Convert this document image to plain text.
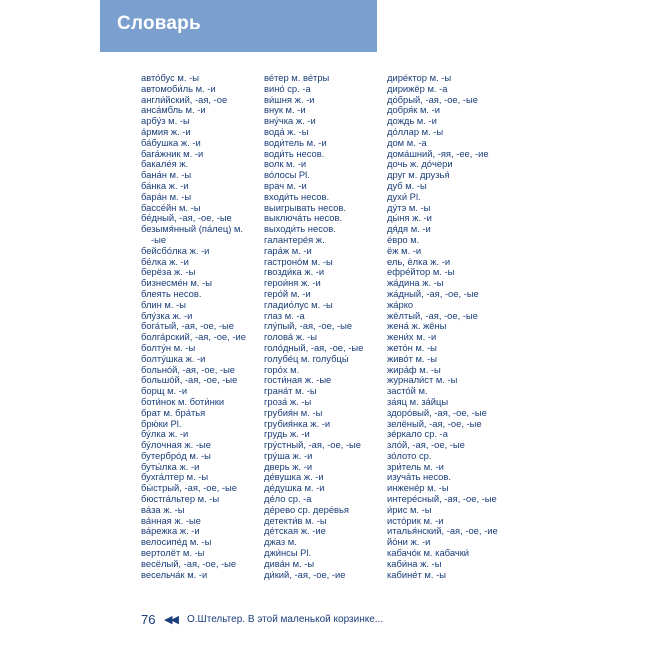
Словарь
авто́бус м. -ы
автомоби́ль м. -и
англи́йский, -ая, -ое
анса́мбль м. -и
арбу́з м. -ы
а́рмия ж. -и
ба́бушка ж. -и
бага́жник м. -и
бакале́я ж.
бана́н м. -ы
ба́нка ж. -и
бара́н м. -ы
бассе́йн м. -ы
бе́дный, -ая, -ое, -ые
безымя́нный (па́лец) м.
-ые
бейсбо́лка ж. -и
бе́лка ж. -и
берёза ж. -ы
бизнесме́н м. -ы
блеять несов.
блин м. -ы
блу́зка ж. -и
бога́тый, -ая, -ое, -ые
болга́рский, -ая, -ое, -ие
болту́н м. -ы
болту́шка ж. -и
больно́й, -ая, -ое, -ые
большо́й, -ая, -ое, -ые
борщ м. -и
боти́нок м. боти́нки
брат м. бра́тья
брю́ки Pl.
бу́лка ж. -и
бу́лочная ж. -ые
бутербро́д м. -ы
буты́лка ж. -и
бухга́лтер м. -ы
бы́стрый, -ая, -ое, -ые
бюстга́льтер м. -ы
ва́за ж. -ы
ва́нная ж. -ые
ва́режка ж. -и
велосипе́д м. -ы
вертолёт м. -ы
весёлый, -ая, -ое, -ые
весельча́к м. -и
ве́тер м. ве́тры
вино́ ср. -а
ви́шня ж. -и
внук м. -и
вну́чка ж. -и
вода́ ж. -ы
води́тель м. -и
води́ть несов.
волк м. -и
во́лосы Pl.
врач м. -и
входи́ть несов.
выигрывать несов.
выключа́ть несов.
выходи́ть несов.
галантере́я ж.
гара́ж м. -и
гастроно́м м. -ы
гвозди́ка ж. -и
герои́ня ж. -и
геро́й м. -и
гладио́лус м. -ы
глаз м. -а
глу́пый, -ая, -ое, -ые
голова́ ж. -ы
голо́дный, -ая, -ое, -ые
голубе́ц м. голубцы́
горо́х м.
гости́ная ж. -ые
грана́т м. -ы
гроза́ ж. -ы
грубия́н м. -ы
грубия́нка ж. -и
грудь ж. -и
гру́стный, -ая, -ое, -ые
гру́ша ж. -и
дверь ж. -и
де́вушка ж. -и
де́душка м. -и
де́ло ср. -а
де́рево ср. дере́вья
детекти́в м. -ы
де́тская ж. -ие
джаз м.
джи́нсы Pl.
дива́н м. -ы
ди́кий, -ая, -ое, -ие
дире́ктор м. -ы
дирижёр м. -а
до́брый, -ая, -ое, -ые
добря́к м. -и
дождь м. -и
до́ллар м. -ы
дом м. -а
дома́шний, -яя, -ее, -ие
дочь ж. до́чери
друг м. друзья́
дуб м. -ы
духи́ Pl.
ду́тэ м. -ы
ды́ня ж. -и
дя́дя м. -и
е́вро м.
ёж м. -и
ель, ёлка ж. -и
ефре́йтор м. -ы
жа́дина ж. -ы
жа́дный, -ая, -ое, -ые
жа́рко
жёлтый, -ая, -ое, -ые
жена́ ж. жёны
жени́х м. -и
жето́н м. -ы
живо́т м. -ы
жира́ф м. -ы
журнали́ст м. -ы
засто́й м.
за́яц м. за́йцы
здоро́вый, -ая, -ое, -ые
зелёный, -ая, -ое, -ые
зе́ркало ср. -а
зло́й, -ая, -ое, -ые
зо́лото ср.
зри́тель м. -и
изуча́ть несов.
инжене́р м. -ы
интере́сный, -ая, -ое, -ые
и́рис м. -ы
исто́рик м. -и
италья́нский, -ая, -ое, -ие
йо́ни ж. -и
кабачо́к м. кабачки́
каби́на ж. -ы
кабине́т м. -ы
76 ◀◀ О.Штельтер. В этой маленькой корзинке...
